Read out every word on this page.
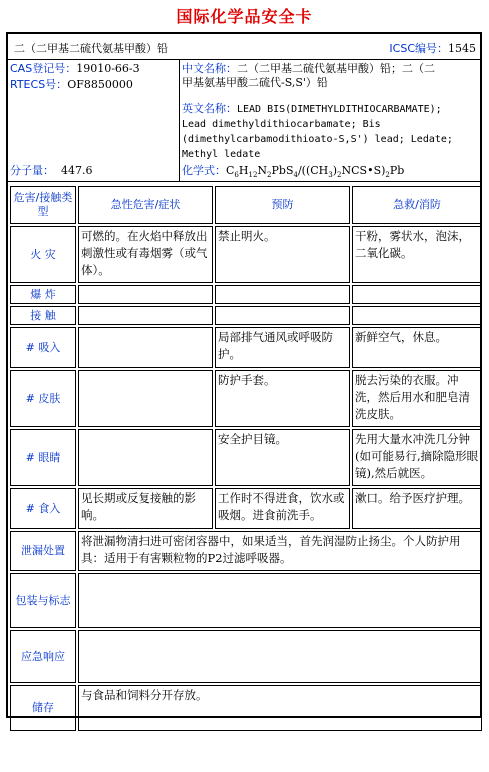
国际化学品安全卡
二（二甲基二硫代氨基甲酸）铅	ICSC编号：1545
CAS登记号：19010-66-3
RTECS号：OF8850000
分子量： 447.6
中文名称：二（二甲基二硫代氨基甲酸）铅；二（二
甲基氨基甲酸二硫代-S,S'）铅
英文名称：LEAD BIS(DIMETHYLDITHIOCARBAMATE);
Lead dimethyldithiocarbamate; Bis
(dimethylcarbamodithioato-S,S') lead; Ledate;
Methyl ledate
化学式：$C_6H_{12}N_2PbS_4/((CH_3)_2NCS•S)_2Pb$
危害/接触类型	急性危害/症状	预防	急救/消防
火 灾	可燃的。在火焰中释放出刺激性或有毒烟雾（或气体）。	禁止明火。	干粉，雾状水，泡沫，二氧化碳。
爆 炸			
接 触			
# 吸入		局部排气通风或呼吸防护。	新鲜空气，休息。
# 皮肤		防护手套。	脱去污染的衣服。冲洗，然后用水和肥皂清洗皮肤。
# 眼睛		安全护目镜。	先用大量水冲洗几分钟(如可能易行,摘除隐形眼镜),然后就医。
# 食入	见长期或反复接触的影响。	工作时不得进食，饮水或吸烟。进食前洗手。	漱口。给予医疗护理。
泄漏处置	将泄漏物清扫进可密闭容器中，如果适当，首先润湿防止扬尘。个人防护用具：适用于有害颗粒物的P2过滤呼吸器。		
包装与标志			
应急响应			
储存	与食品和饲料分开存放。		
